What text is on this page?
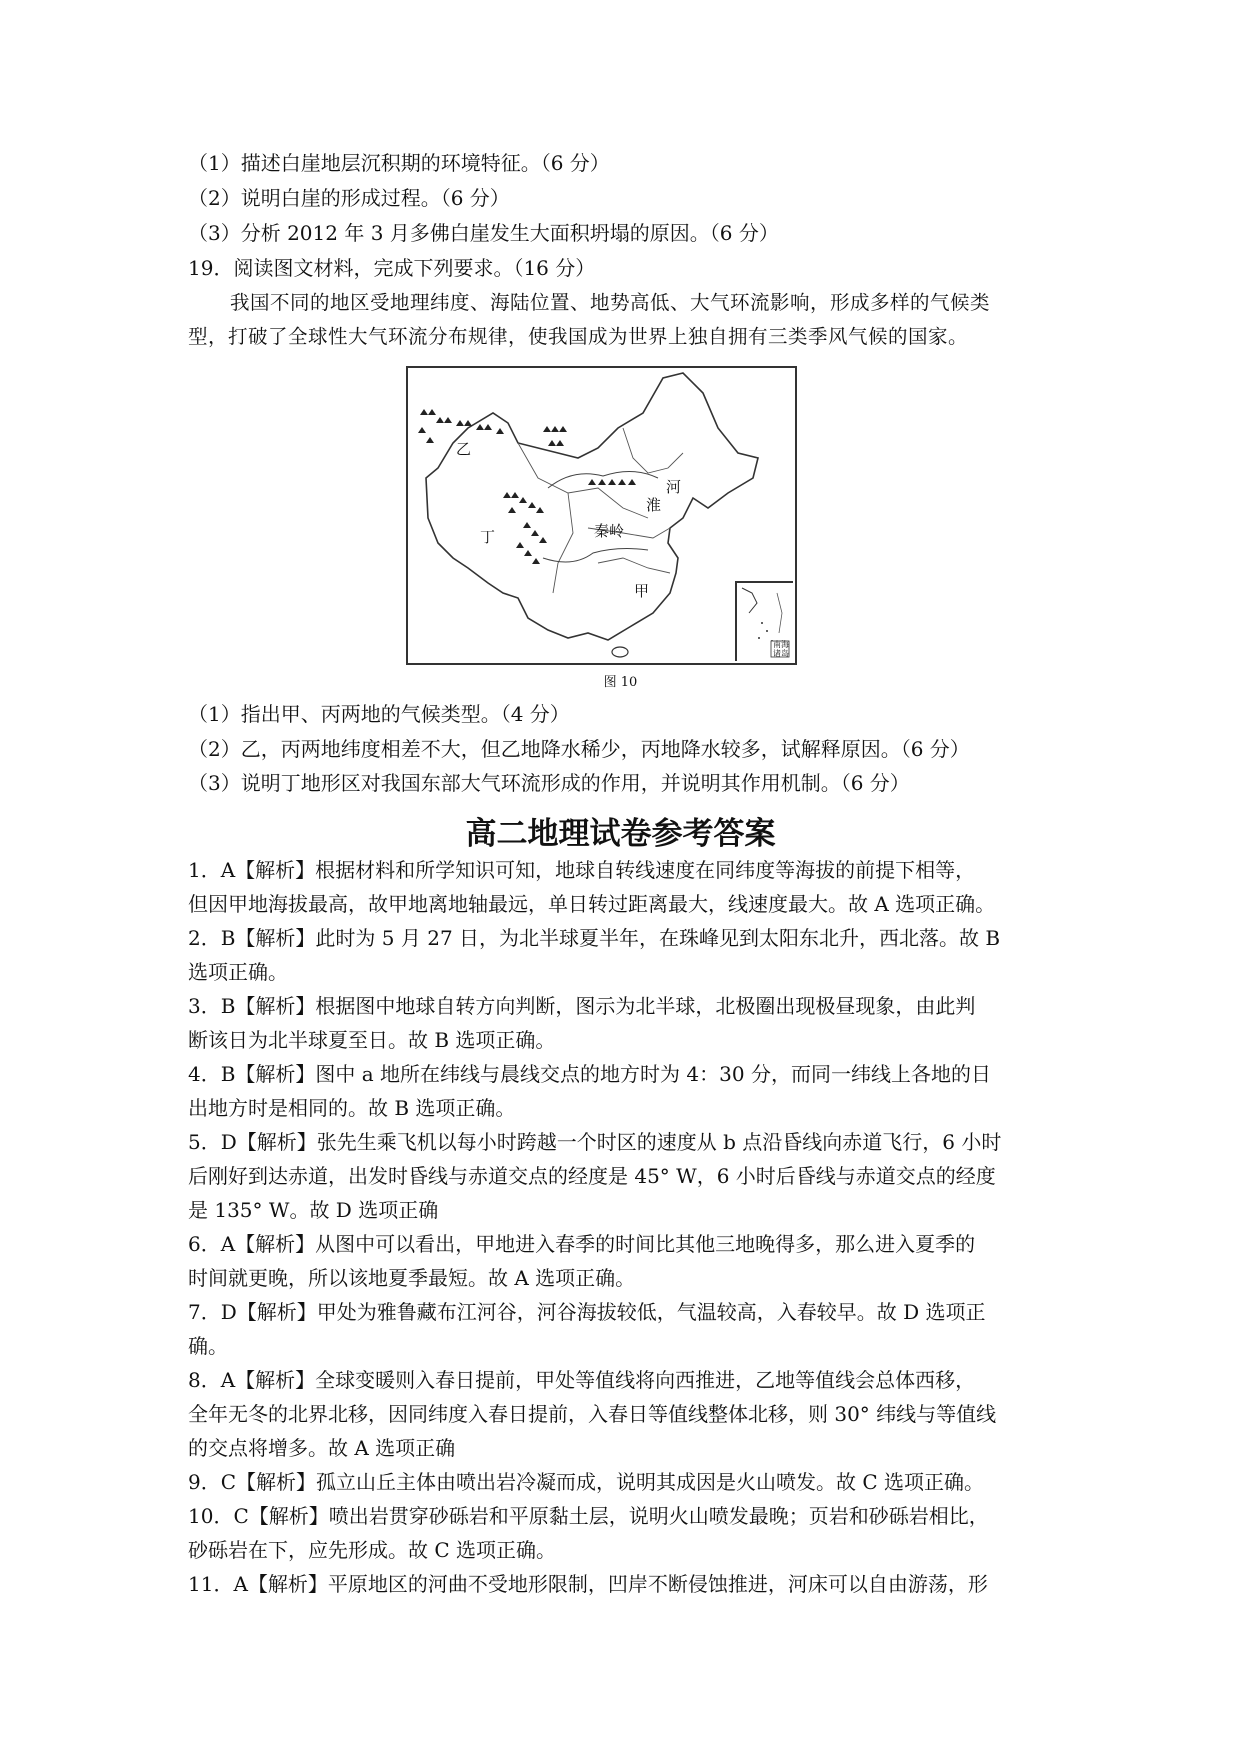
（1）描述白崖地层沉积期的环境特征。（6 分）
（2）说明白崖的形成过程。（6 分）
（3）分析 2012 年 3 月多佛白崖发生大面积坍塌的原因。（6 分）
19．阅读图文材料，完成下列要求。（16 分）
我国不同的地区受地理纬度、海陆位置、地势高低、大气环流影响，形成多样的气候类
型，打破了全球性大气环流分布规律，使我国成为世界上独自拥有三类季风气候的国家。
南海
诸岛
乙
丁
甲
秦岭
淮
河
图 10
（1）指出甲、丙两地的气候类型。（4 分）
（2）乙，丙两地纬度相差不大，但乙地降水稀少，丙地降水较多，试解释原因。（6 分）
（3）说明丁地形区对我国东部大气环流形成的作用，并说明其作用机制。（6 分）
高二地理试卷参考答案
1．A【解析】根据材料和所学知识可知，地球自转线速度在同纬度等海拔的前提下相等，
但因甲地海拔最高，故甲地离地轴最远，单日转过距离最大，线速度最大。故 A 选项正确。
2．B【解析】此时为 5 月 27 日，为北半球夏半年，在珠峰见到太阳东北升，西北落。故 B
选项正确。
3．B【解析】根据图中地球自转方向判断，图示为北半球，北极圈出现极昼现象，由此判
断该日为北半球夏至日。故 B 选项正确。
4．B【解析】图中 a 地所在纬线与晨线交点的地方时为 4：30 分，而同一纬线上各地的日
出地方时是相同的。故 B 选项正确。
5．D【解析】张先生乘飞机以每小时跨越一个时区的速度从 b 点沿昏线向赤道飞行，6 小时
后刚好到达赤道，出发时昏线与赤道交点的经度是 45° W，6 小时后昏线与赤道交点的经度
是 135° W。故 D 选项正确
6．A【解析】从图中可以看出，甲地进入春季的时间比其他三地晚得多，那么进入夏季的
时间就更晚，所以该地夏季最短。故 A 选项正确。
7．D【解析】甲处为雅鲁藏布江河谷，河谷海拔较低，气温较高，入春较早。故 D 选项正
确。
8．A【解析】全球变暖则入春日提前，甲处等值线将向西推进，乙地等值线会总体西移，
全年无冬的北界北移，因同纬度入春日提前，入春日等值线整体北移，则 30° 纬线与等值线
的交点将增多。故 A 选项正确
9．C【解析】孤立山丘主体由喷出岩冷凝而成，说明其成因是火山喷发。故 C 选项正确。
10．C【解析】喷出岩贯穿砂砾岩和平原黏土层，说明火山喷发最晚；页岩和砂砾岩相比，
砂砾岩在下，应先形成。故 C 选项正确。
11．A【解析】平原地区的河曲不受地形限制，凹岸不断侵蚀推进，河床可以自由游荡，形
